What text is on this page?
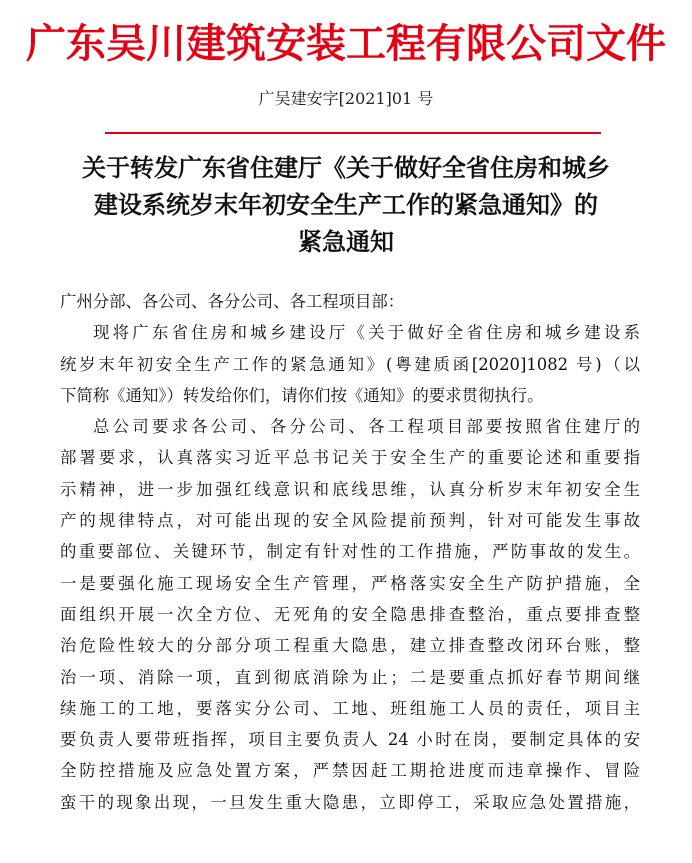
广东吴川建筑安装工程有限公司文件
广吴建安字[2021]01 号
关于转发广东省住建厅《关于做好全省住房和城乡
建设系统岁末年初安全生产工作的紧急通知》的
紧急通知
广州分部、各公司、各分公司、各工程项目部：
现将广东省住房和城乡建设厅《关于做好全省住房和城乡建设系
统岁末年初安全生产工作的紧急通知》(粤建质函[2020]1082 号)（以
下简称《通知》）转发给你们，请你们按《通知》的要求贯彻执行。
总公司要求各公司、各分公司、各工程项目部要按照省住建厅的
部署要求，认真落实习近平总书记关于安全生产的重要论述和重要指
示精神，进一步加强红线意识和底线思维，认真分析岁末年初安全生
产的规律特点，对可能出现的安全风险提前预判，针对可能发生事故
的重要部位、关键环节，制定有针对性的工作措施，严防事故的发生。
一是要强化施工现场安全生产管理，严格落实安全生产防护措施，全
面组织开展一次全方位、无死角的安全隐患排查整治，重点要排查整
治危险性较大的分部分项工程重大隐患，建立排查整改闭环台账，整
治一项、消除一项，直到彻底消除为止；二是要重点抓好春节期间继
续施工的工地，要落实分公司、工地、班组施工人员的责任，项目主
要负责人要带班指挥，项目主要负责人 24 小时在岗，要制定具体的安
全防控措施及应急处置方案，严禁因赶工期抢进度而违章操作、冒险
蛮干的现象出现，一旦发生重大隐患，立即停工，采取应急处置措施，
